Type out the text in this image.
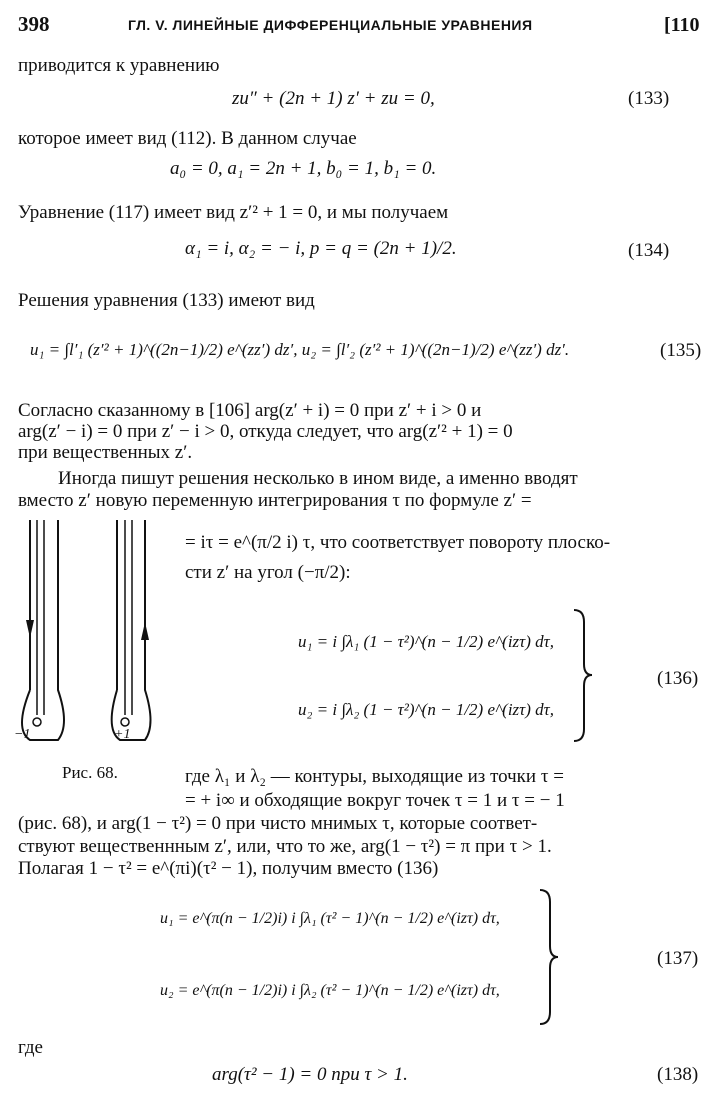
398	ГЛ. V. ЛИНЕЙНЫЕ ДИФФЕРЕНЦИАЛЬНЫЕ УРАВНЕНИЯ	[110
приводится к уравнению
zu″ + (2n + 1) z′ + zu = 0,	(133)
которое имеет вид (112). В данном случае
a₀ = 0, a₁ = 2n + 1, b₀ = 1, b₁ = 0.
Уравнение (117) имеет вид z′² + 1 = 0, и мы получаем
α₁ = i, α₂ = − i, p = q = (2n + 1)/2.	(134)
Решения уравнения (133) имеют вид
u₁ = ∫l′₁ (z′² + 1)^((2n−1)/2) e^(zz′) dz′, u₂ = ∫l′₂ (z′² + 1)^((2n−1)/2) e^(zz′) dz′.	(135)
Согласно сказанному в [106] arg(z′ + i) = 0 при z′ + i > 0 и
arg(z′ − i) = 0 при z′ − i > 0, откуда следует, что arg(z′² + 1) = 0
при вещественных z′.
Иногда пишут решения несколько в ином виде, а именно вводят
вместо z′ новую переменную интегрирования τ по формуле z′ =
−1	+1
Рис. 68.
= iτ = e^(π/2 i) τ, что соответствует повороту плоско-
сти z′ на угол (−π/2):
u₁ = i ∫λ₁ (1 − τ²)^(n − 1/2) e^(izτ) dτ,
u₂ = i ∫λ₂ (1 − τ²)^(n − 1/2) e^(izτ) dτ,
(136)
где λ₁ и λ₂ — контуры, выходящие из точки τ =
= + i∞ и обходящие вокруг точек τ = 1 и τ = − 1
(рис. 68), и arg(1 − τ²) = 0 при чисто мнимых τ, которые соответ-
ствуют вещественнным z′, или, что то же, arg(1 − τ²) = π при τ > 1.
Полагая 1 − τ² = e^(πi)(τ² − 1), получим вместо (136)
u₁ = e^(π(n − 1/2)i) i ∫λ₁ (τ² − 1)^(n − 1/2) e^(izτ) dτ,
u₂ = e^(π(n − 1/2)i) i ∫λ₂ (τ² − 1)^(n − 1/2) e^(izτ) dτ,
(137)
где
arg(τ² − 1) = 0 при τ > 1.	(138)
